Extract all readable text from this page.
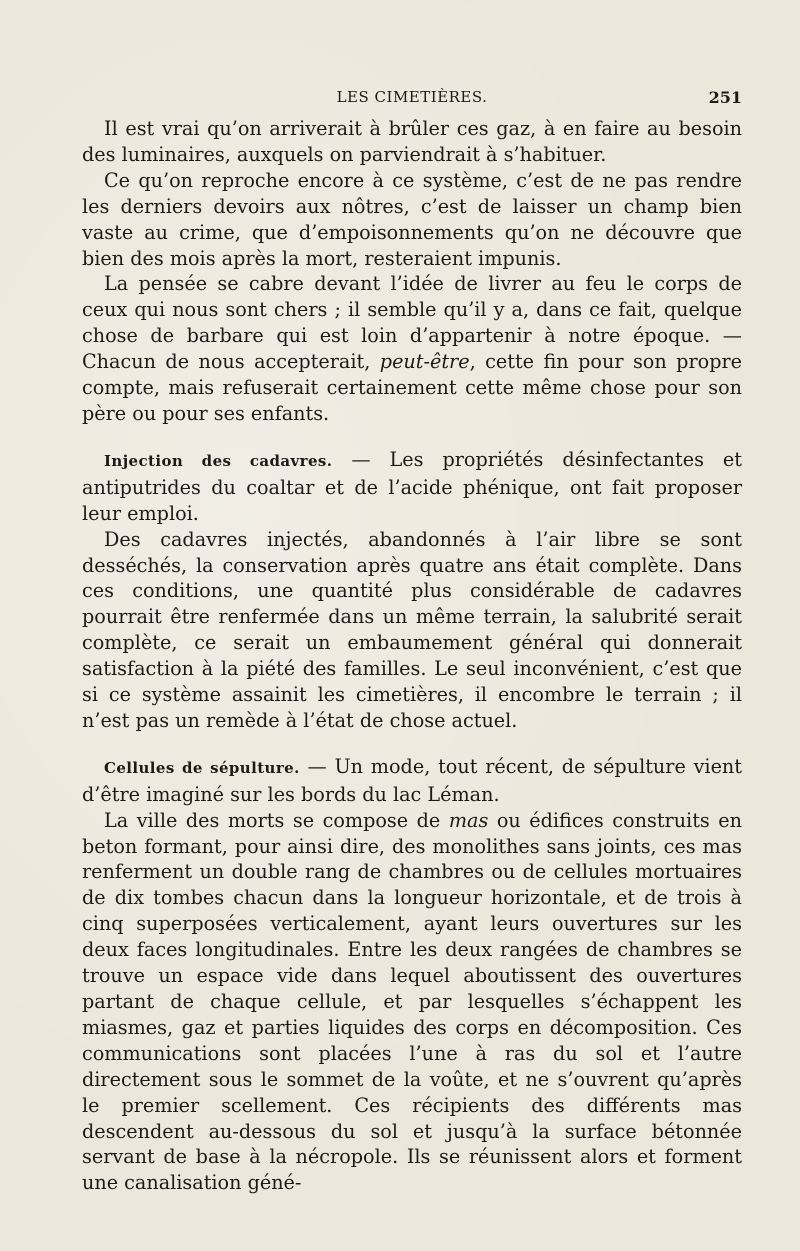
LES CIMETIÈRES.	251

Il est vrai qu’on arriverait à brûler ces gaz, à en faire au besoin des luminaires, auxquels on parviendrait à s’habituer.

Ce qu’on reproche encore à ce système, c’est de ne pas rendre les derniers devoirs aux nôtres, c’est de laisser un champ bien vaste au crime, que d’empoisonnements qu’on ne découvre que bien des mois après la mort, resteraient impunis.

La pensée se cabre devant l’idée de livrer au feu le corps de ceux qui nous sont chers ; il semble qu’il y a, dans ce fait, quelque chose de barbare qui est loin d’appartenir à notre époque. — Chacun de nous accepterait, peut-être, cette fin pour son propre compte, mais refuserait certainement cette même chose pour son père ou pour ses enfants.

Injection des cadavres. — Les propriétés désinfectantes et antiputrides du coaltar et de l’acide phénique, ont fait proposer leur emploi.

Des cadavres injectés, abandonnés à l’air libre se sont desséchés, la conservation après quatre ans était complète. Dans ces conditions, une quantité plus considérable de cadavres pourrait être renfermée dans un même terrain, la salubrité serait complète, ce serait un embaumement général qui donnerait satisfaction à la piété des familles. Le seul inconvénient, c’est que si ce système assainit les cimetières, il encombre le terrain ; il n’est pas un remède à l’état de chose actuel.

Cellules de sépulture. — Un mode, tout récent, de sépulture vient d’être imaginé sur les bords du lac Léman.

La ville des morts se compose de mas ou édifices construits en beton formant, pour ainsi dire, des monolithes sans joints, ces mas renferment un double rang de chambres ou de cellules mortuaires de dix tombes chacun dans la longueur horizontale, et de trois à cinq superposées verticalement, ayant leurs ouvertures sur les deux faces longitudinales. Entre les deux rangées de chambres se trouve un espace vide dans lequel aboutissent des ouvertures partant de chaque cellule, et par lesquelles s’échappent les miasmes, gaz et parties liquides des corps en décomposition. Ces communications sont placées l’une à ras du sol et l’autre directement sous le sommet de la voûte, et ne s’ouvrent qu’après le premier scellement. Ces récipients des différents mas descendent au-dessous du sol et jusqu’à la surface bétonnée servant de base à la nécropole. Ils se réunissent alors et forment une canalisation géné-
